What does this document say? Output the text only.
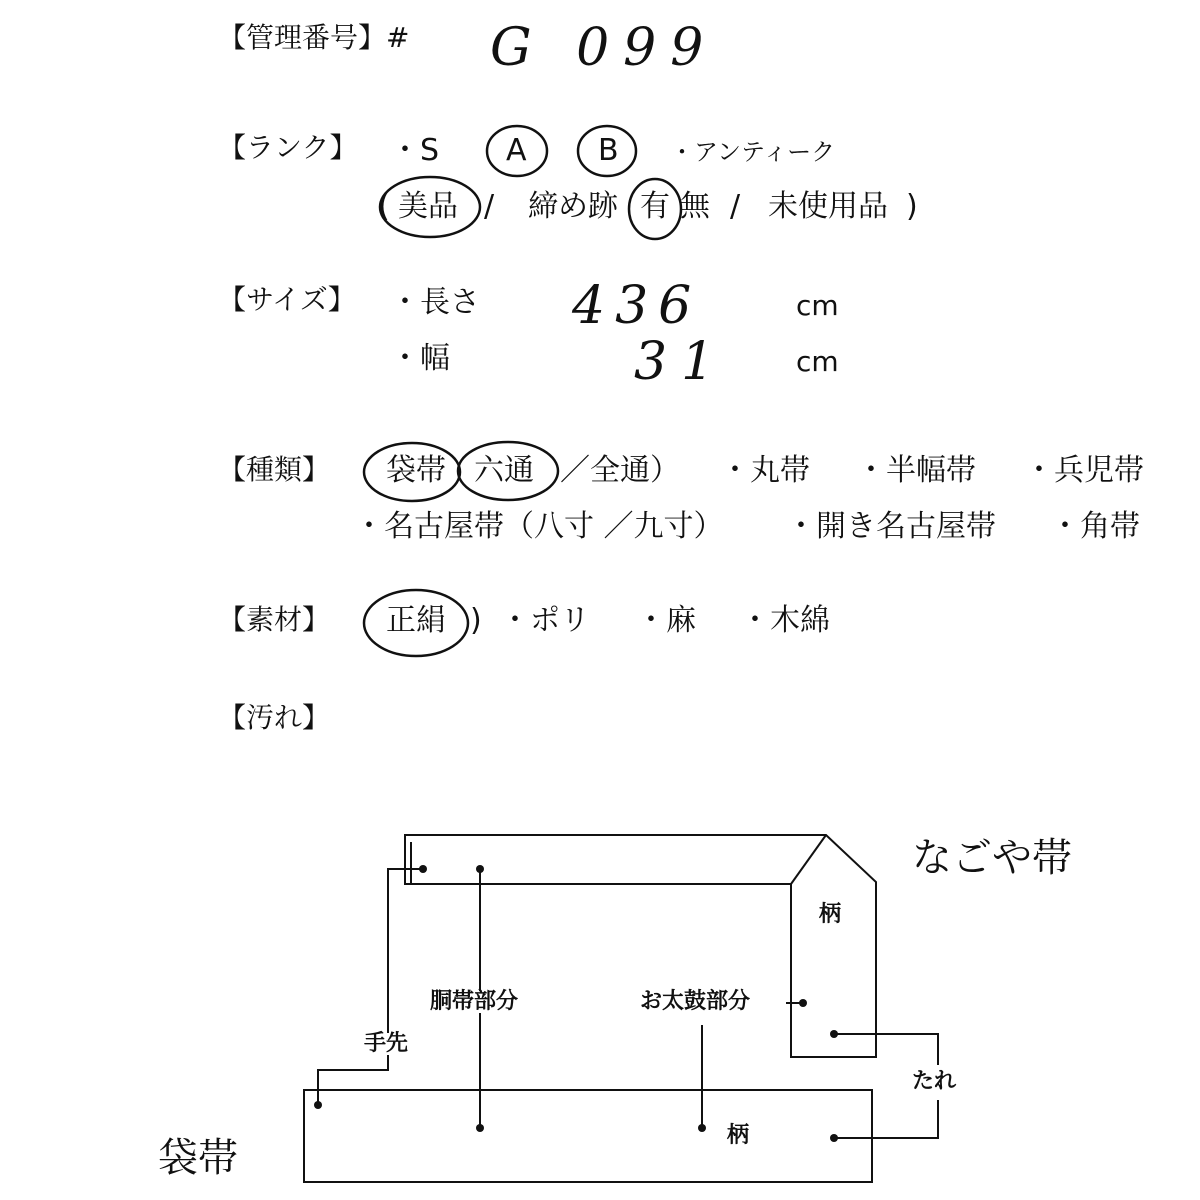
【管理番号】# G 099
【ランク】 ・S A B ・アンティーク
( 美品 / 締め跡 有 無 / 未使用品 )
【サイズ】 ・長さ 436	cm
・幅	31 cm
【種類】 袋帯 六通 ／全通） ・丸帯 ・半幅帯 ・兵児帯
・名古屋帯（八寸 ／九寸） ・開き名古屋帯 ・角帯
【素材】 正絹 ) ・ポリ ・麻 ・木綿
【汚れ】
なごや帯
袋帯
柄
柄
胴帯部分	お太鼓部分
手先
たれ
